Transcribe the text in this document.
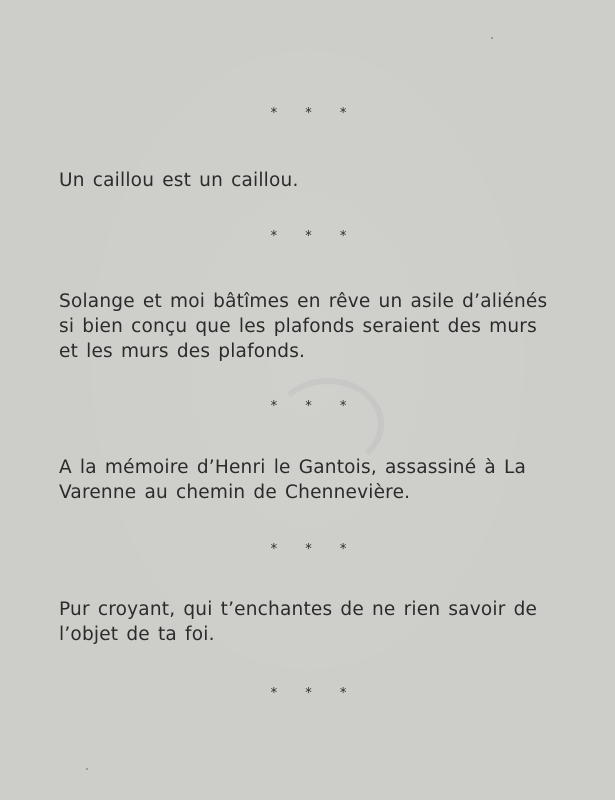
* * *

Un caillou est un caillou.

* * *

Solange et moi bâtîmes en rêve un asile d’aliénés
si bien conçu que les plafonds seraient des murs
et les murs des plafonds.

* * *

A la mémoire d’Henri le Gantois, assassiné à La
Varenne au chemin de Chennevière.

* * *

Pur croyant, qui t’enchantes de ne rien savoir de
l’objet de ta foi.

* * *
